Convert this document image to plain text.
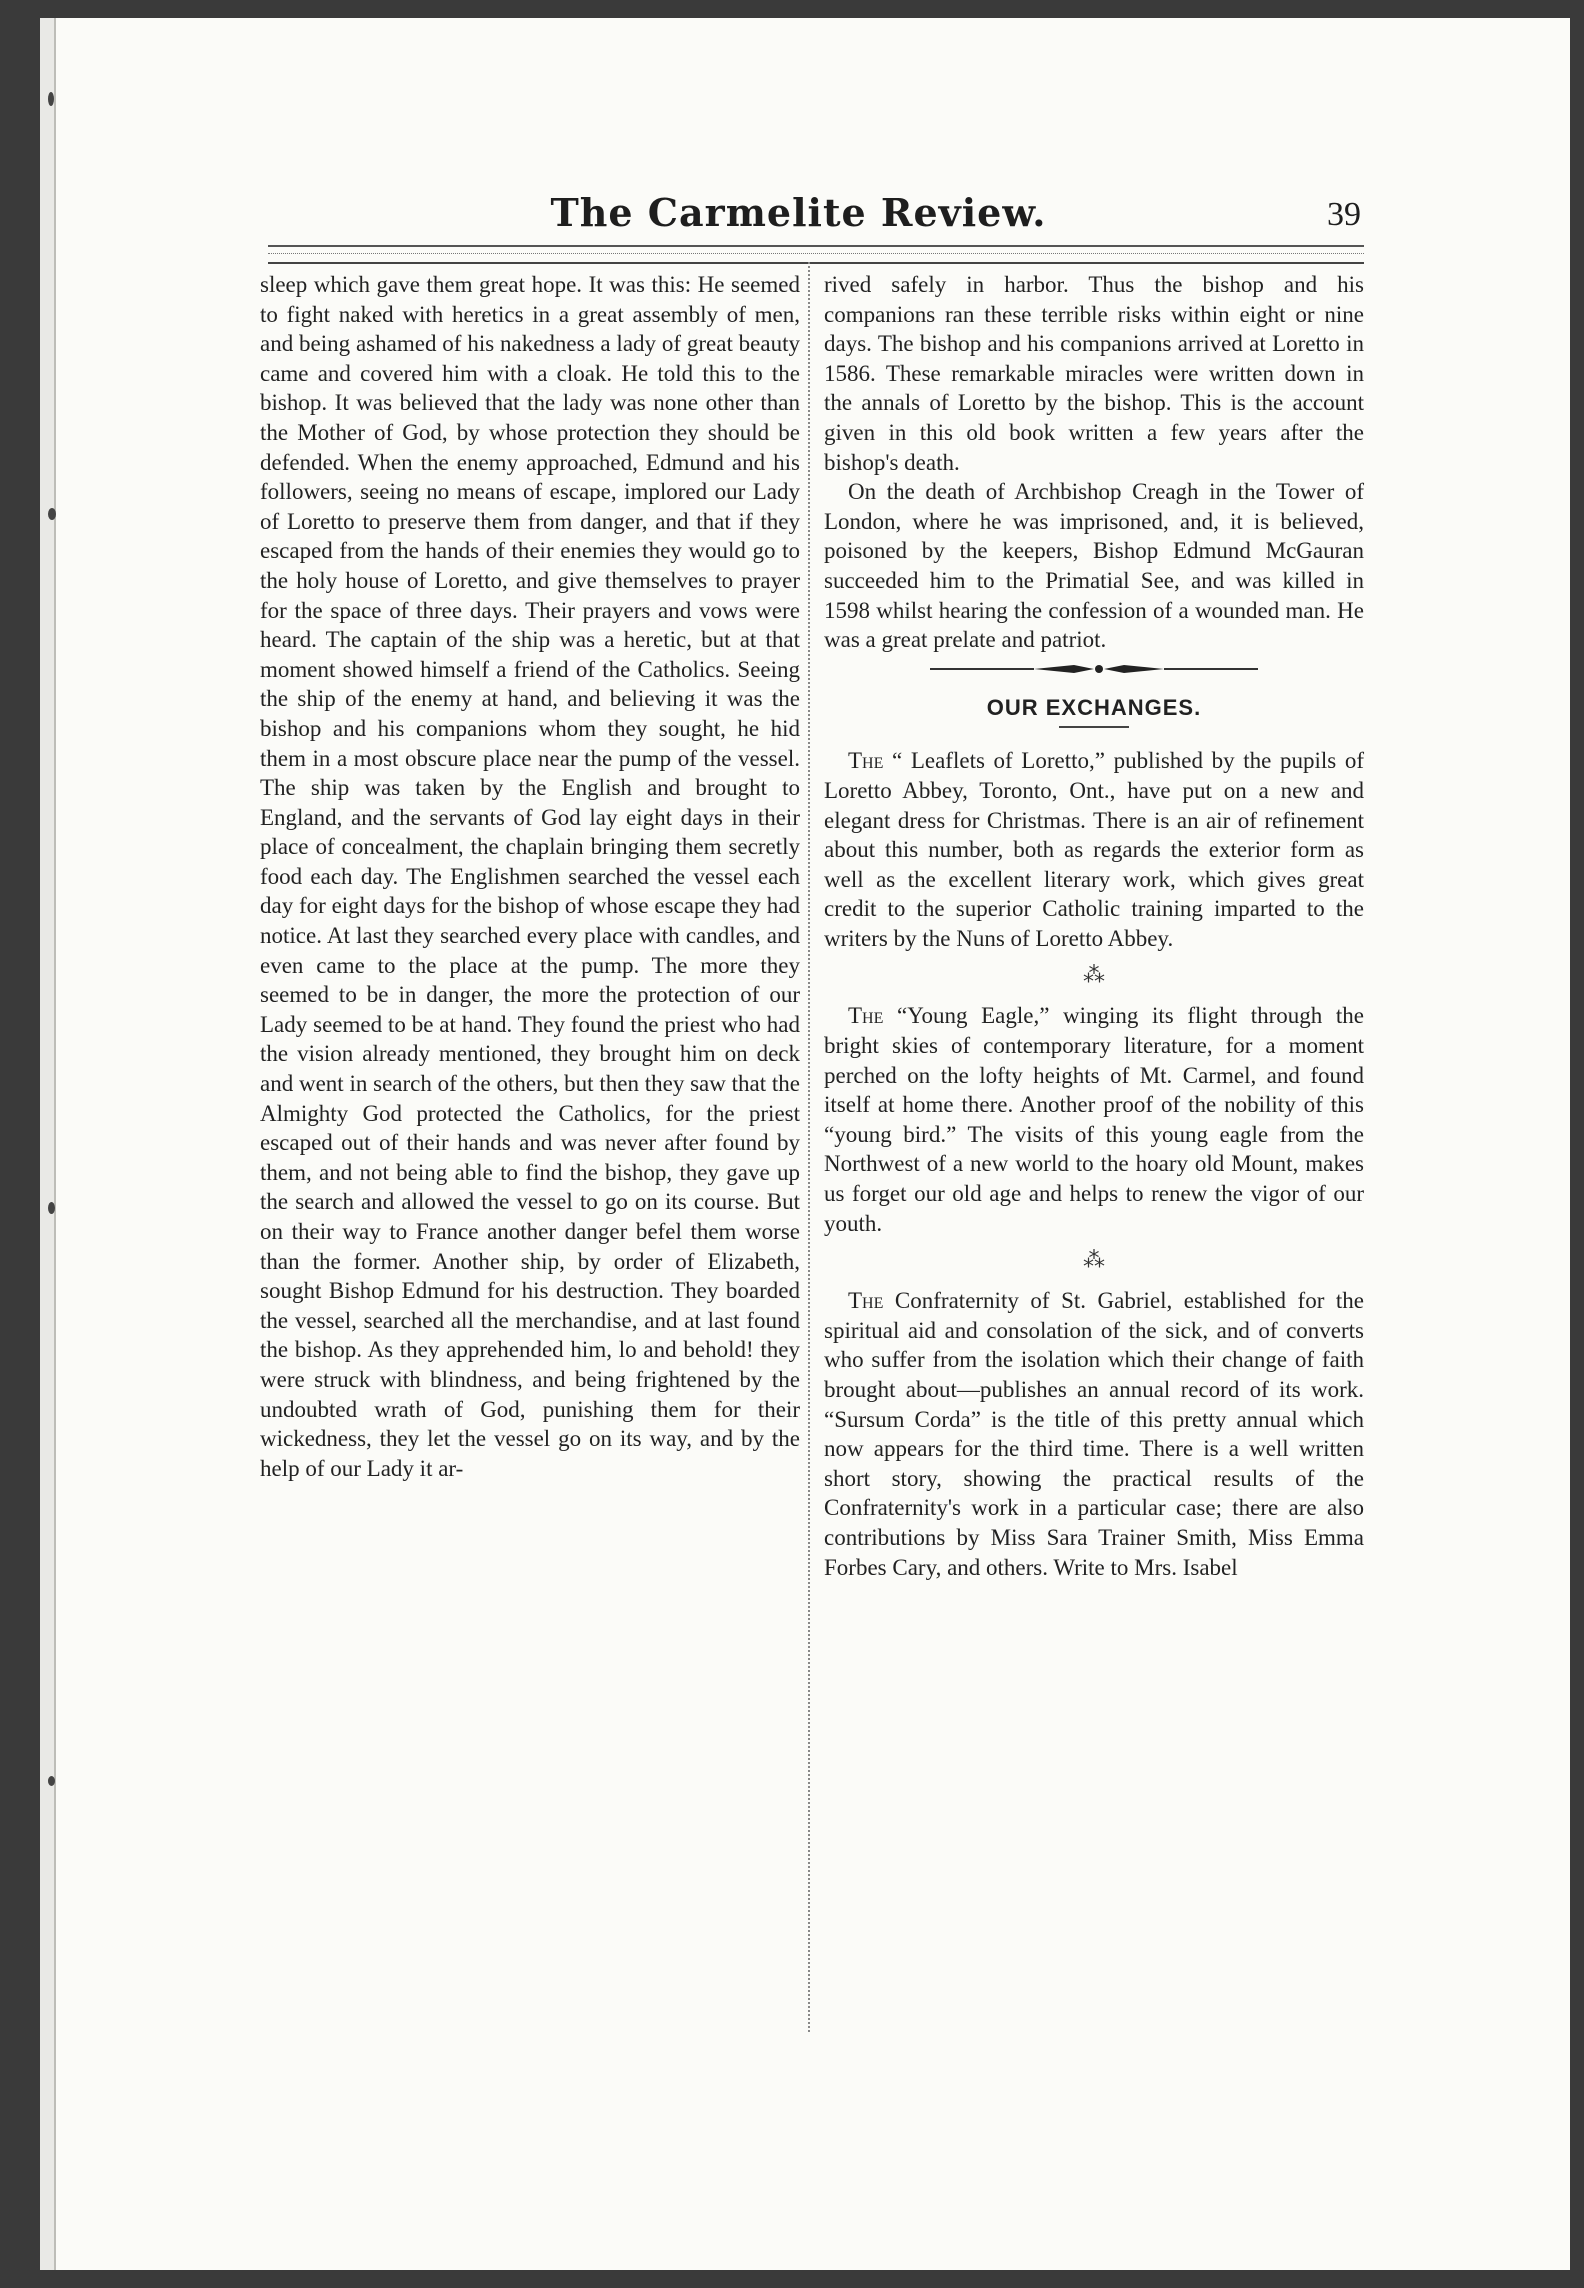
The Carmelite Review.	39

sleep which gave them great hope. It was this: He seemed to fight naked with heretics in a great assembly of men, and being ashamed of his nakedness a lady of great beauty came and covered him with a cloak. He told this to the bishop. It was believed that the lady was none other than the Mother of God, by whose protection they should be defended. When the enemy approached, Edmund and his followers, seeing no means of escape, implored our Lady of Loretto to preserve them from danger, and that if they escaped from the hands of their enemies they would go to the holy house of Loretto, and give themselves to prayer for the space of three days. Their prayers and vows were heard. The captain of the ship was a heretic, but at that moment showed himself a friend of the Catholics. Seeing the ship of the enemy at hand, and believing it was the bishop and his companions whom they sought, he hid them in a most obscure place near the pump of the vessel. The ship was taken by the English and brought to England, and the servants of God lay eight days in their place of concealment, the chaplain bringing them secretly food each day. The Englishmen searched the vessel each day for eight days for the bishop of whose escape they had notice. At last they searched every place with candles, and even came to the place at the pump. The more they seemed to be in danger, the more the protection of our Lady seemed to be at hand. They found the priest who had the vision already mentioned, they brought him on deck and went in search of the others, but then they saw that the Almighty God protected the Catholics, for the priest escaped out of their hands and was never after found by them, and not being able to find the bishop, they gave up the search and allowed the vessel to go on its course. But on their way to France another danger befel them worse than the former. Another ship, by order of Elizabeth, sought Bishop Edmund for his destruction. They boarded the vessel, searched all the merchandise, and at last found the bishop. As they apprehended him, lo and behold! they were struck with blindness, and being frightened by the undoubted wrath of God, punishing them for their wickedness, they let the vessel go on its way, and by the help of our Lady it ar-

rived safely in harbor. Thus the bishop and his companions ran these terrible risks within eight or nine days. The bishop and his companions arrived at Loretto in 1586. These remarkable miracles were written down in the annals of Loretto by the bishop. This is the account given in this old book written a few years after the bishop's death.

On the death of Archbishop Creagh in the Tower of London, where he was imprisoned, and, it is believed, poisoned by the keepers, Bishop Edmund McGauran succeeded him to the Primatial See, and was killed in 1598 whilst hearing the confession of a wounded man. He was a great prelate and patriot.

OUR EXCHANGES.

The “ Leaflets of Loretto,” published by the pupils of Loretto Abbey, Toronto, Ont., have put on a new and elegant dress for Christmas. There is an air of refinement about this number, both as regards the exterior form as well as the excellent literary work, which gives great credit to the superior Catholic training imparted to the writers by the Nuns of Loretto Abbey.

⁂

The “Young Eagle,” winging its flight through the bright skies of contemporary literature, for a moment perched on the lofty heights of Mt. Carmel, and found itself at home there. Another proof of the nobility of this “young bird.” The visits of this young eagle from the Northwest of a new world to the hoary old Mount, makes us forget our old age and helps to renew the vigor of our youth.

⁂

The Confraternity of St. Gabriel, established for the spiritual aid and consolation of the sick, and of converts who suffer from the isolation which their change of faith brought about—publishes an annual record of its work. “Sursum Corda” is the title of this pretty annual which now appears for the third time. There is a well written short story, showing the practical results of the Confraternity's work in a particular case; there are also contributions by Miss Sara Trainer Smith, Miss Emma Forbes Cary, and others. Write to Mrs. Isabel
